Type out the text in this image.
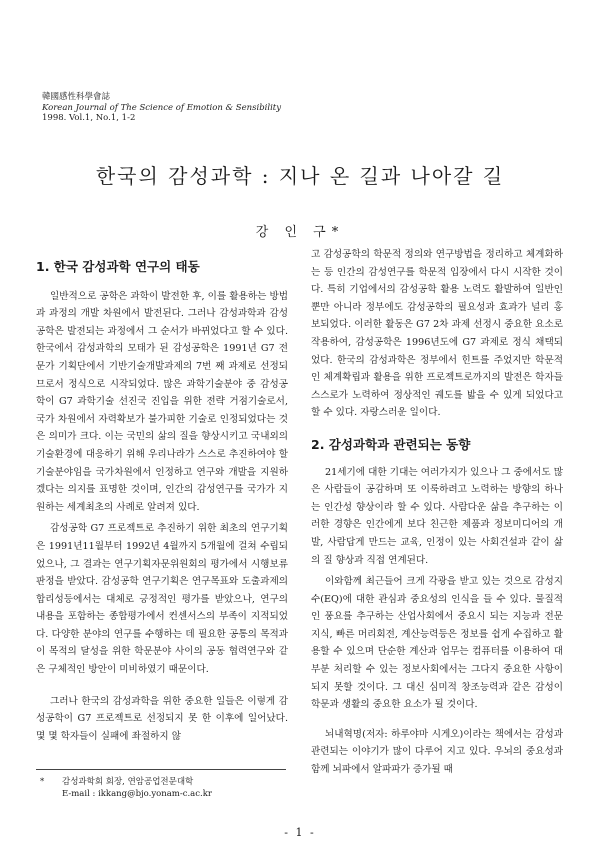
韓國感性科學會誌
Korean Journal of The Science of Emotion & Sensibility
1998. Vol.1, No.1, 1-2
한국의 감성과학 : 지나 온 길과 나아갈 길
강 인 구*
1. 한국 감성과학 연구의 태동

일반적으로 공학은 과학이 발전한 후, 이를 활용하는 방법과 과정의 개발 차원에서 발전된다. 그러나 감성과학과 감성공학은 발전되는 과정에서 그 순서가 바뀌었다고 할 수 있다. 한국에서 감성과학의 모태가 된 감성공학은 1991년 G7 전문가 기획단에서 기반기술개발과제의 7번 째 과제로 선정되므로서 정식으로 시작되었다. 많은 과학기술분야 중 감성공학이 G7 과학기술 선진국 진입을 위한 전략 거점기술로서, 국가 차원에서 자력확보가 불가피한 기술로 인정되었다는 것은 의미가 크다. 이는 국민의 삶의 질을 향상시키고 국내외의 기술환경에 대응하기 위해 우리나라가 스스로 추진하여야 할 기술분야임을 국가차원에서 인정하고 연구와 개발을 지원하겠다는 의지를 표명한 것이며, 인간의 감성연구를 국가가 지원하는 세계최초의 사례로 알려져 있다.

감성공학 G7 프로젝트로 추진하기 위한 최초의 연구기획은 1991년11월부터 1992년 4월까지 5개월에 걸쳐 수립되었으나, 그 결과는 연구기획자문위원회의 평가에서 시행보류 판정을 받았다. 감성공학 연구기획은 연구목표와 도출과제의 합리성등에서는 대체로 긍정적인 평가를 받았으나, 연구의 내용을 포함하는 종합평가에서 컨센서스의 부족이 지적되었다. 다양한 분야의 연구를 수행하는 데 필요한 공통의 목적과 이 목적의 달성을 위한 학문분야 사이의 공동 협력연구와 같은 구체적인 방안이 미비하였기 때문이다.

그러나 한국의 감성과학을 위한 중요한 일들은 이렇게 감성공학이 G7 프로젝트로 선정되지 못 한 이후에 일어났다. 몇 몇 학자들이 실패에 좌절하지 않

고 감성공학의 학문적 정의와 연구방법을 정리하고 체계화하는 등 인간의 감성연구를 학문적 입장에서 다시 시작한 것이다. 특히 기업에서의 감성공학 활용 노력도 활발하여 일반인뿐만 아니라 정부에도 감성공학의 필요성과 효과가 널리 홍보되었다. 이러한 활동은 G7 2차 과제 선정시 중요한 요소로 작용하여, 감성공학은 1996년도에 G7 과제로 정식 채택되었다. 한국의 감성과학은 정부에서 힌트를 주었지만 학문적인 체계확립과 활용을 위한 프로젝트로까지의 발전은 학자들 스스로가 노력하여 정상적인 궤도를 밟을 수 있게 되었다고 할 수 있다. 자랑스러운 일이다.

2. 감성과학과 관련되는 동향

21세기에 대한 기대는 여러가지가 있으나 그 중에서도 많은 사람들이 공감하며 또 이룩하려고 노력하는 방향의 하나는 인간성 향상이라 할 수 있다. 사람다운 삶을 추구하는 이러한 경향은 인간에게 보다 친근한 제품과 정보미디어의 개발, 사람답게 만드는 교육, 인정이 있는 사회건설과 같이 삶의 질 향상과 직접 연계된다.

이와함께 최근들어 크게 각광을 받고 있는 것으로 감성지수(EQ)에 대한 관심과 중요성의 인식을 들 수 있다. 물질적인 풍요를 추구하는 산업사회에서 중요시 되는 지능과 전문지식, 빠른 머리회전, 계산능력등은 정보를 쉽게 수집하고 활용할 수 있으며 단순한 계산과 업무는 컴퓨터를 이용하여 대부분 처리할 수 있는 정보사회에서는 그다지 중요한 사항이 되지 못할 것이다. 그 대신 심미적 창조능력과 같은 감성이 학문과 생활의 중요한 요소가 될 것이다.

뇌내혁명(저자: 하루야마 시게오)이라는 책에서는 감성과 관련되는 이야기가 많이 다루어 지고 있다. 우뇌의 중요성과 함께 뇌파에서 알파파가 증가될 때

* 감성과학회 회장, 연암공업전문대학
E-mail : ikkang@bjo.yonam-c.ac.kr
- 1 -
